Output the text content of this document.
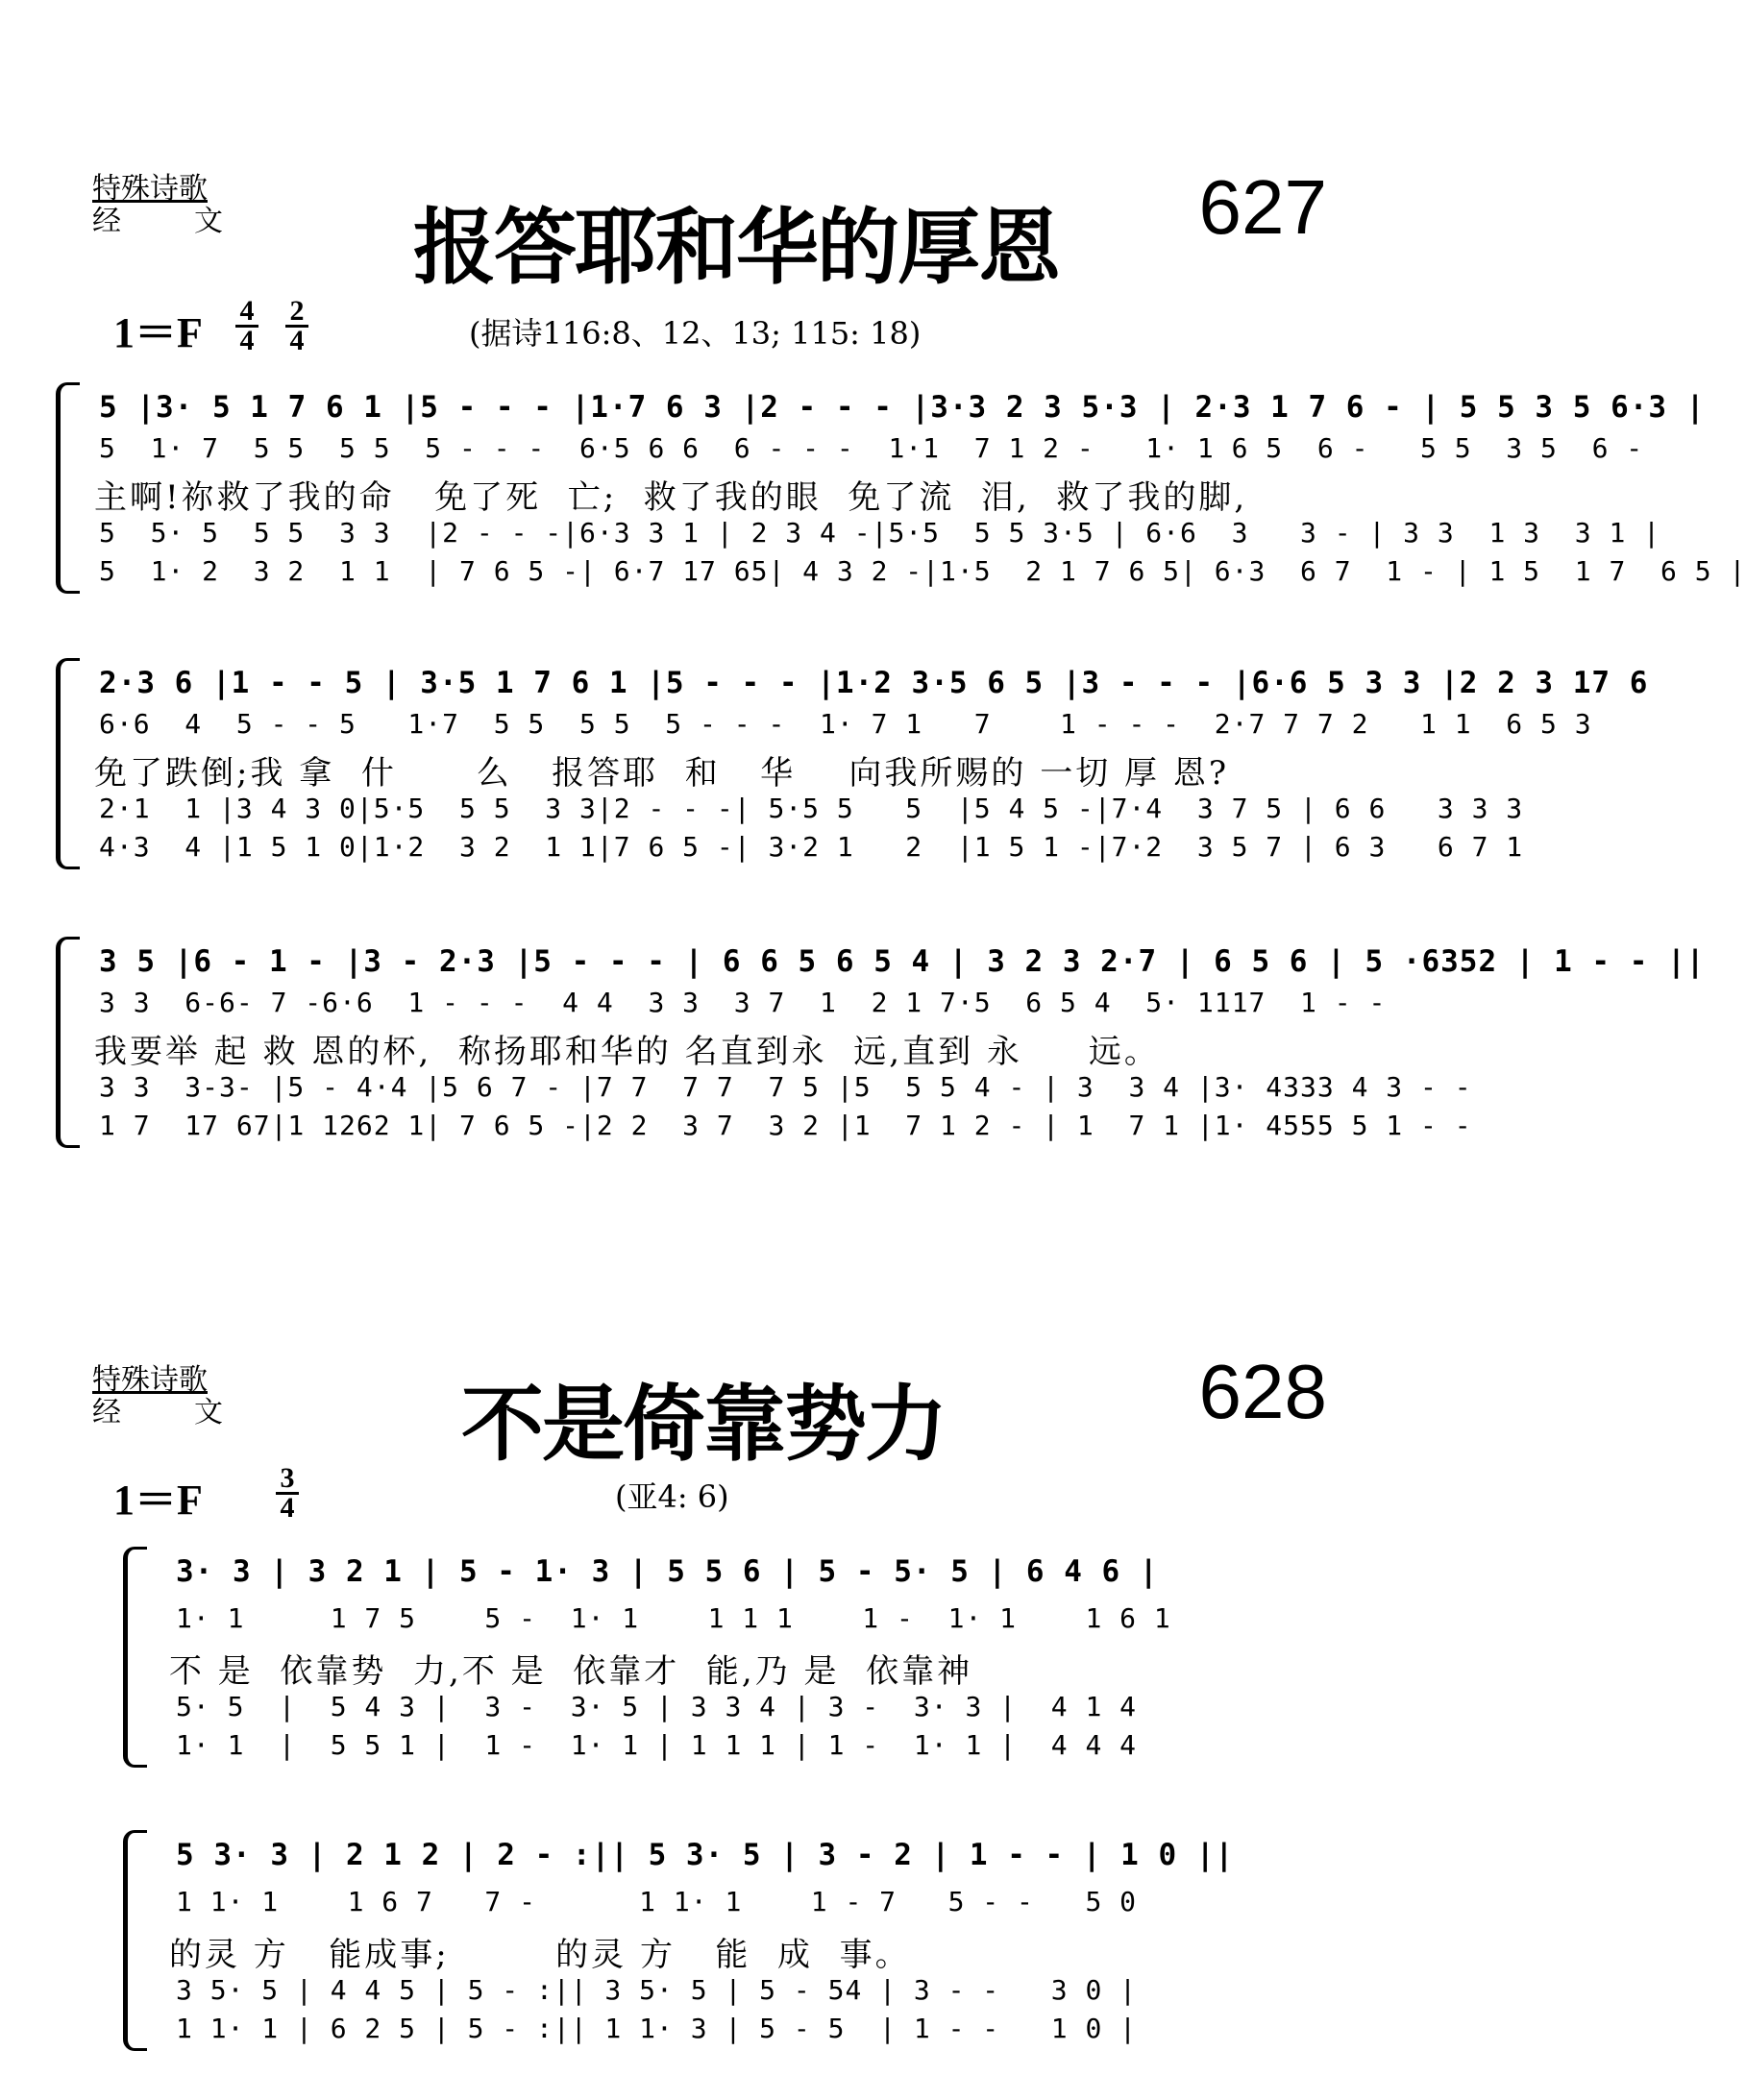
特殊诗歌
经 文 报答耶和华的厚恩 627
1＝F 4
4
2
4	(据诗116:8、12、13; 115: 18)
5 |3· 5 1 7 6 1 |5 - - - |1·7 6 3 |2 - - - |3·3 2 3 5·3 | 2·3 1 7 6 - | 5 5 3 5 6·3 |
5  1· 7  5 5  5 5  5 - - -  6·5 6 6  6 - - -  1·1  7 1 2 -   1· 1 6 5  6 -   5 5  3 5  6 -
主啊!祢救了我的命   免了死  亡;  救了我的眼  免了流  泪,  救了我的脚,
5  5· 5  5 5  3 3  |2 - - -|6·3 3 1 | 2 3 4 -|5·5  5 5 3·5 | 6·6  3   3 - | 3 3  1 3  3 1 |
5  1· 2  3 2  1 1  | 7 6 5 -| 6·7 17 65| 4 3 2 -|1·5  2 1 7 6 5| 6·3  6 7  1 - | 1 5  1 7  6 5 |
2·3 6 |1 - - 5 | 3·5 1 7 6 1 |5 - - - |1·2 3·5 6 5 |3 - - - |6·6 5 3 3 |2 2 3 17 6
6·6  4  5 - - 5   1·7  5 5  5 5  5 - - -  1· 7 1   7    1 - - -  2·7 7 7 2   1 1  6 5 3
免了跌倒;我 拿  什      么   报答耶  和   华    向我所赐的 一切 厚 恩?
2·1  1 |3 4 3 0|5·5  5 5  3 3|2 - - -| 5·5 5   5  |5 4 5 -|7·4  3 7 5 | 6 6   3 3 3
4·3  4 |1 5 1 0|1·2  3 2  1 1|7 6 5 -| 3·2 1   2  |1 5 1 -|7·2  3 5 7 | 6 3   6 7 1
3 5 |6 - 1 - |3 - 2·3 |5 - - - | 6 6 5 6 5 4 | 3 2 3 2·7 | 6 5 6 | 5 ·6352 | 1 - - ||
3 3  6-6- 7 -6·6  1 - - -  4 4  3 3  3 7  1  2 1 7·5  6 5 4  5· 1117  1 - -
我要举 起 救 恩的杯,  称扬耶和华的 名直到永  远,直到 永     远。
3 3  3-3- |5 - 4·4 |5 6 7 - |7 7  7 7  7 5 |5  5 5 4 - | 3  3 4 |3· 4333 4 3 - -
1 7  17 67|1 1262 1| 7 6 5 -|2 2  3 7  3 2 |1  7 1 2 - | 1  7 1 |1· 4555 5 1 - -
特殊诗歌
经 文	不是倚靠势力	628
1＝F	3
4	(亚4: 6)
3· 3 | 3 2 1 | 5 - 1· 3 | 5 5 6 | 5 - 5· 5 | 6 4 6 |
1· 1     1 7 5    5 -  1· 1    1 1 1    1 -  1· 1    1 6 1
不 是  依靠势  力,不 是  依靠才  能,乃 是  依靠神
5· 5  |  5 4 3 |  3 -  3· 5 | 3 3 4 | 3 -  3· 3 |  4 1 4
1· 1  |  5 5 1 |  1 -  1· 1 | 1 1 1 | 1 -  1· 1 |  4 4 4
5 3· 3 | 2 1 2 | 2 - :|| 5 3· 5 | 3 - 2 | 1 - - | 1 0 ||
1 1· 1    1 6 7   7 -      1 1· 1    1 - 7   5 - -   5 0
的灵 方   能成事;        的灵 方   能  成  事。
3 5· 5 | 4 4 5 | 5 - :|| 3 5· 5 | 5 - 54 | 3 - -   3 0 |
1 1· 1 | 6 2 5 | 5 - :|| 1 1· 3 | 5 - 5  | 1 - -   1 0 |
